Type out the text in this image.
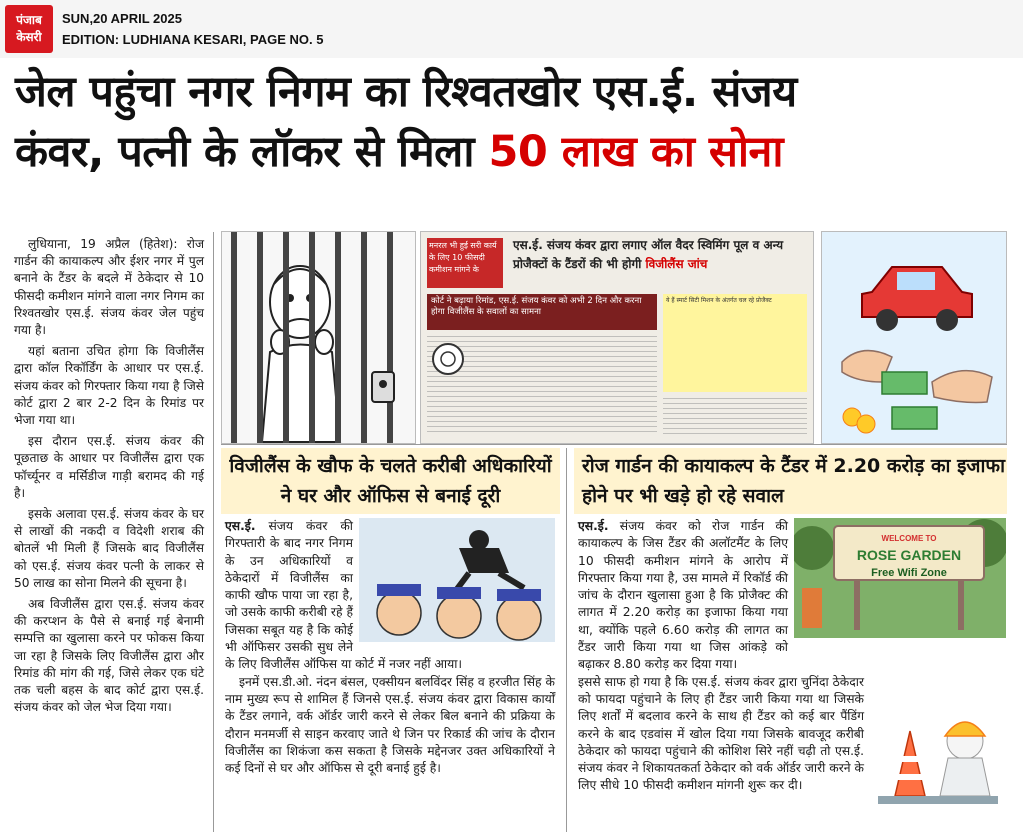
पंजाब
केसरी
SUN,20 APRIL 2025
EDITION: LUDHIANA KESARI, PAGE NO. 5
जेल पहुंचा नगर निगम का रिश्वतखोर एस.ई. संजय
कंवर, पत्नी के लॉकर से मिला 50 लाख का सोना

लुधियाना, 19 अप्रैल (हितेश): रोज गार्डन की कायाकल्प और ईशर नगर में पुल बनाने के टैंडर के बदले में ठेकेदार से 10 फीसदी कमीशन मांगने वाला नगर निगम का रिश्वतखोर एस.ई. संजय कंवर जेल पहुंच गया है।

यहां बताना उचित होगा कि विजीलैंस द्वारा कॉल रिकॉर्डिंग के आधार पर एस.ई. संजय कंवर को गिरफ्तार किया गया है जिसे कोर्ट द्वारा 2 बार 2-2 दिन के रिमांड पर भेजा गया था।

इस दौरान एस.ई. संजय कंवर की पूछताछ के आधार पर विजीलैंस द्वारा एक फॉर्च्यूनर व मर्सिडीज गाड़ी बरामद की गई है।

इसके अलावा एस.ई. संजय कंवर के घर से लाखों की नकदी व विदेशी शराब की बोतलें भी मिली हैं जिसके बाद विजीलैंस को एस.ई. संजय कंवर पत्नी के लाकर से 50 लाख का सोना मिलने की सूचना है।

अब विजीलैंस द्वारा एस.ई. संजय कंवर की करप्शन के पैसे से बनाई गई बेनामी सम्पत्ति का खुलासा करने पर फोकस किया जा रहा है जिसके लिए विजीलैंस द्वारा और रिमांड की मांग की गई, जिसे लेकर एक घंटे तक चली बहस के बाद कोर्ट द्वारा एस.ई. संजय कंवर को जेल भेज दिया गया।

मनरल भी हुई सरी कार्य के लिए 10 फीसदी कमीशन मांगने के
एस.ई. संजय कंवर द्वारा लगाए ऑल वैदर स्विमिंग पूल व अन्य प्रोजैक्टों के टैंडरों की भी होगी विजीलैंस जांच
कोर्ट ने बढ़ाया रिमांड, एस.ई. संजय कंवर को अभी 2 दिन और करना होगा विजीलैंस के सवालों का सामना
ये हैं स्मार्ट सिटी मिशन के अंतर्गत चल रहे प्रोजैक्ट
विजीलैंस के खौफ के चलते करीबी अधिकारियों ने घर और ऑफिस से बनाई दूरी
रोज गार्डन की कायाकल्प के टैंडर में 2.20 करोड़ का इजाफा होने पर भी खड़े हो रहे सवाल

एस.ई. संजय कंवर की गिरफ्तारी के बाद नगर निगम के उन अधिकारियों व ठेकेदारों में विजीलैंस का काफी खौफ पाया जा रहा है, जो उसके काफी करीबी रहे हैं जिसका सबूत यह है कि कोई भी ऑफिसर उसकी सुध लेने के लिए विजीलैंस ऑफिस या कोर्ट में नजर नहीं आया।

इनमें एस.डी.ओ. नंदन बंसल, एक्सीयन बलविंदर सिंह व हरजीत सिंह के नाम मुख्य रूप से शामिल हैं जिनसे एस.ई. संजय कंवर द्वारा विकास कार्यों के टैंडर लगाने, वर्क ऑर्डर जारी करने से लेकर बिल बनाने की प्रक्रिया के दौरान मनमर्जी से साइन करवाए जाते थे जिन पर रिकार्ड की जांच के दौरान विजीलैंस का शिकंजा कस सकता है जिसके मद्देनजर उक्त अधिकारियों ने कई दिनों से घर और ऑफिस से दूरी बनाई हुई है।

WELCOME TO
ROSE GARDEN
Free Wifi Zone

एस.ई. संजय कंवर को रोज गार्डन की कायाकल्प के जिस टैंडर की अलॉटमैंट के लिए 10 फीसदी कमीशन मांगने के आरोप में गिरफ्तार किया गया है, उस मामले में रिकॉर्ड की जांच के दौरान खुलासा हुआ है कि प्रोजैक्ट की लागत में 2.20 करोड़ का इजाफा किया गया था, क्योंकि पहले 6.60 करोड़ की लागत का टैंडर जारी किया गया था जिस आंकड़े को बढ़ाकर 8.80 करोड़ कर दिया गया।

इससे साफ हो गया है कि एस.ई. संजय कंवर द्वारा चुनिंदा ठेकेदार को फायदा पहुंचाने के लिए ही टैंडर जारी किया गया था जिसके लिए शर्तों में बदलाव करने के साथ ही टैंडर को कई बार पैंडिंग करने के बाद एडवांस में खोल दिया गया जिसके बावजूद करीबी ठेकेदार को फायदा पहुंचाने की कोशिश सिरे नहीं चढ़ी तो एस.ई. संजय कंवर ने शिकायतकर्ता ठेकेदार को वर्क ऑर्डर जारी करने के लिए सीधे 10 फीसदी कमीशन मांगनी शुरू कर दी।
